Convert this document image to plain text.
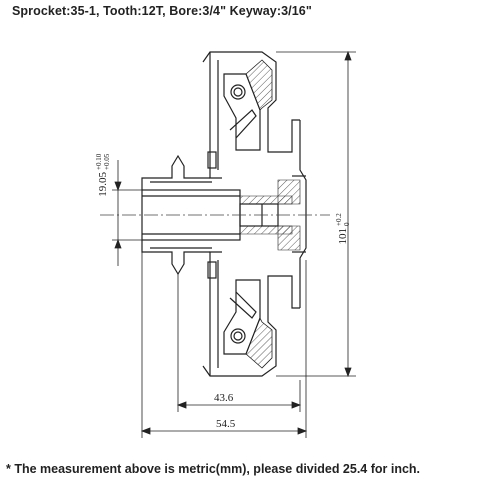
Sprocket:35-1, Tooth:12T, Bore:3/4" Keyway:3/16"
19.05
+0.10 +0.05
101
+0.2 0
43.6
54.5
* The measurement above is metric(mm), please divided 25.4 for inch.
